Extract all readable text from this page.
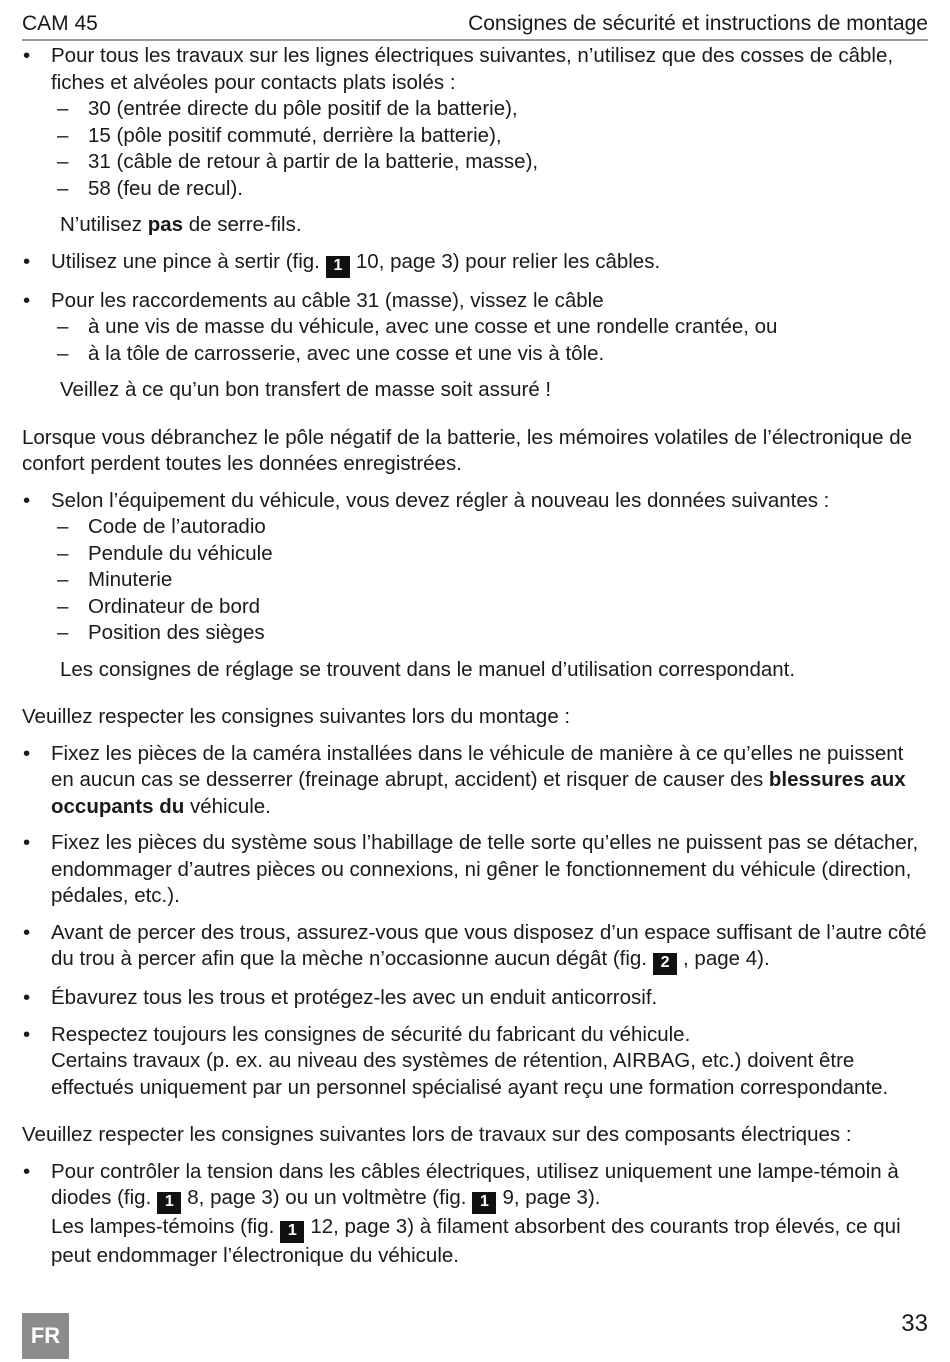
CAM 45	Consignes de sécurité et instructions de montage
• Pour tous les travaux sur les lignes électriques suivantes, n’utilisez que des cosses de câble, fiches et alvéoles pour contacts plats isolés :
– 30 (entrée directe du pôle positif de la batterie),
– 15 (pôle positif commuté, derrière la batterie),
– 31 (câble de retour à partir de la batterie, masse),
– 58 (feu de recul).
N’utilisez pas de serre-fils.
• Utilisez une pince à sertir (fig. 1 10, page 3) pour relier les câbles.
• Pour les raccordements au câble 31 (masse), vissez le câble
– à une vis de masse du véhicule, avec une cosse et une rondelle crantée, ou
– à la tôle de carrosserie, avec une cosse et une vis à tôle.
Veillez à ce qu’un bon transfert de masse soit assuré !
Lorsque vous débranchez le pôle négatif de la batterie, les mémoires volatiles de l’électronique de confort perdent toutes les données enregistrées.
• Selon l’équipement du véhicule, vous devez régler à nouveau les données suivantes :
– Code de l’autoradio
– Pendule du véhicule
– Minuterie
– Ordinateur de bord
– Position des sièges
Les consignes de réglage se trouvent dans le manuel d’utilisation correspondant.
Veuillez respecter les consignes suivantes lors du montage :
• Fixez les pièces de la caméra installées dans le véhicule de manière à ce qu’elles ne puissent en aucun cas se desserrer (freinage abrupt, accident) et risquer de causer des blessures aux occupants du véhicule.
• Fixez les pièces du système sous l’habillage de telle sorte qu’elles ne puissent pas se détacher, endommager d’autres pièces ou connexions, ni gêner le fonctionnement du véhicule (direction, pédales, etc.).
• Avant de percer des trous, assurez-vous que vous disposez d’un espace suffisant de l’autre côté du trou à percer afin que la mèche n’occasionne aucun dégât (fig. 2 , page 4).
• Ébavurez tous les trous et protégez-les avec un enduit anticorrosif.
• Respectez toujours les consignes de sécurité du fabricant du véhicule.
Certains travaux (p. ex. au niveau des systèmes de rétention, AIRBAG, etc.) doivent être effectués uniquement par un personnel spécialisé ayant reçu une formation correspondante.
Veuillez respecter les consignes suivantes lors de travaux sur des composants électriques :
• Pour contrôler la tension dans les câbles électriques, utilisez uniquement une lampe-témoin à diodes (fig. 1 8, page 3) ou un voltmètre (fig. 1 9, page 3).
Les lampes-témoins (fig. 1 12, page 3) à filament absorbent des courants trop élevés, ce qui peut endommager l’électronique du véhicule.
FR	33
